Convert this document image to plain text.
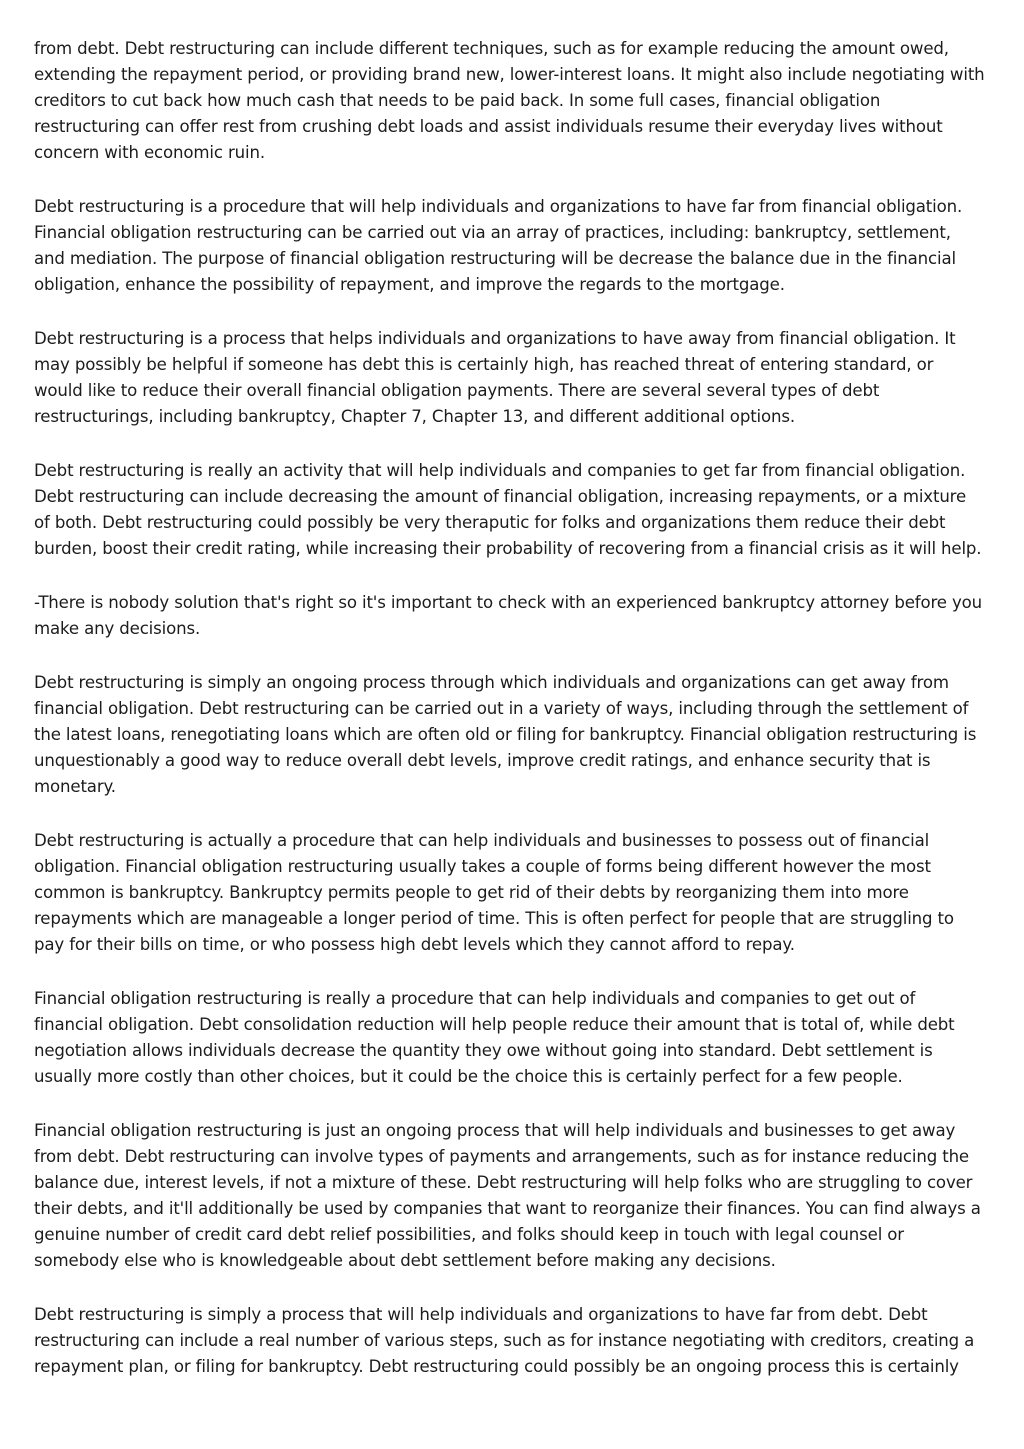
from debt. Debt restructuring can include different techniques, such as for example reducing the amount owed, extending the repayment period, or providing brand new, lower-interest loans. It might also include negotiating with creditors to cut back how much cash that needs to be paid back. In some full cases, financial obligation restructuring can offer rest from crushing debt loads and assist individuals resume their everyday lives without concern with economic ruin.

Debt restructuring is a procedure that will help individuals and organizations to have far from financial obligation. Financial obligation restructuring can be carried out via an array of practices, including: bankruptcy, settlement, and mediation. The purpose of financial obligation restructuring will be decrease the balance due in the financial obligation, enhance the possibility of repayment, and improve the regards to the mortgage.

Debt restructuring is a process that helps individuals and organizations to have away from financial obligation. It may possibly be helpful if someone has debt this is certainly high, has reached threat of entering standard, or would like to reduce their overall financial obligation payments. There are several several types of debt restructurings, including bankruptcy, Chapter 7, Chapter 13, and different additional options.

Debt restructuring is really an activity that will help individuals and companies to get far from financial obligation. Debt restructuring can include decreasing the amount of financial obligation, increasing repayments, or a mixture of both. Debt restructuring could possibly be very theraputic for folks and organizations them reduce their debt burden, boost their credit rating, while increasing their probability of recovering from a financial crisis as it will help.

-There is nobody solution that's right so it's important to check with an experienced bankruptcy attorney before you make any decisions.

Debt restructuring is simply an ongoing process through which individuals and organizations can get away from financial obligation. Debt restructuring can be carried out in a variety of ways, including through the settlement of the latest loans, renegotiating loans which are often old or filing for bankruptcy. Financial obligation restructuring is unquestionably a good way to reduce overall debt levels, improve credit ratings, and enhance security that is monetary.

Debt restructuring is actually a procedure that can help individuals and businesses to possess out of financial obligation. Financial obligation restructuring usually takes a couple of forms being different however the most common is bankruptcy. Bankruptcy permits people to get rid of their debts by reorganizing them into more repayments which are manageable a longer period of time. This is often perfect for people that are struggling to pay for their bills on time, or who possess high debt levels which they cannot afford to repay.

Financial obligation restructuring is really a procedure that can help individuals and companies to get out of financial obligation. Debt consolidation reduction will help people reduce their amount that is total of, while debt negotiation allows individuals decrease the quantity they owe without going into standard. Debt settlement is usually more costly than other choices, but it could be the choice this is certainly perfect for a few people.

Financial obligation restructuring is just an ongoing process that will help individuals and businesses to get away from debt. Debt restructuring can involve types of payments and arrangements, such as for instance reducing the balance due, interest levels, if not a mixture of these. Debt restructuring will help folks who are struggling to cover their debts, and it'll additionally be used by companies that want to reorganize their finances. You can find always a genuine number of credit card debt relief possibilities, and folks should keep in touch with legal counsel or somebody else who is knowledgeable about debt settlement before making any decisions.

Debt restructuring is simply a process that will help individuals and organizations to have far from debt. Debt restructuring can include a real number of various steps, such as for instance negotiating with creditors, creating a repayment plan, or filing for bankruptcy. Debt restructuring could possibly be an ongoing process this is certainly
